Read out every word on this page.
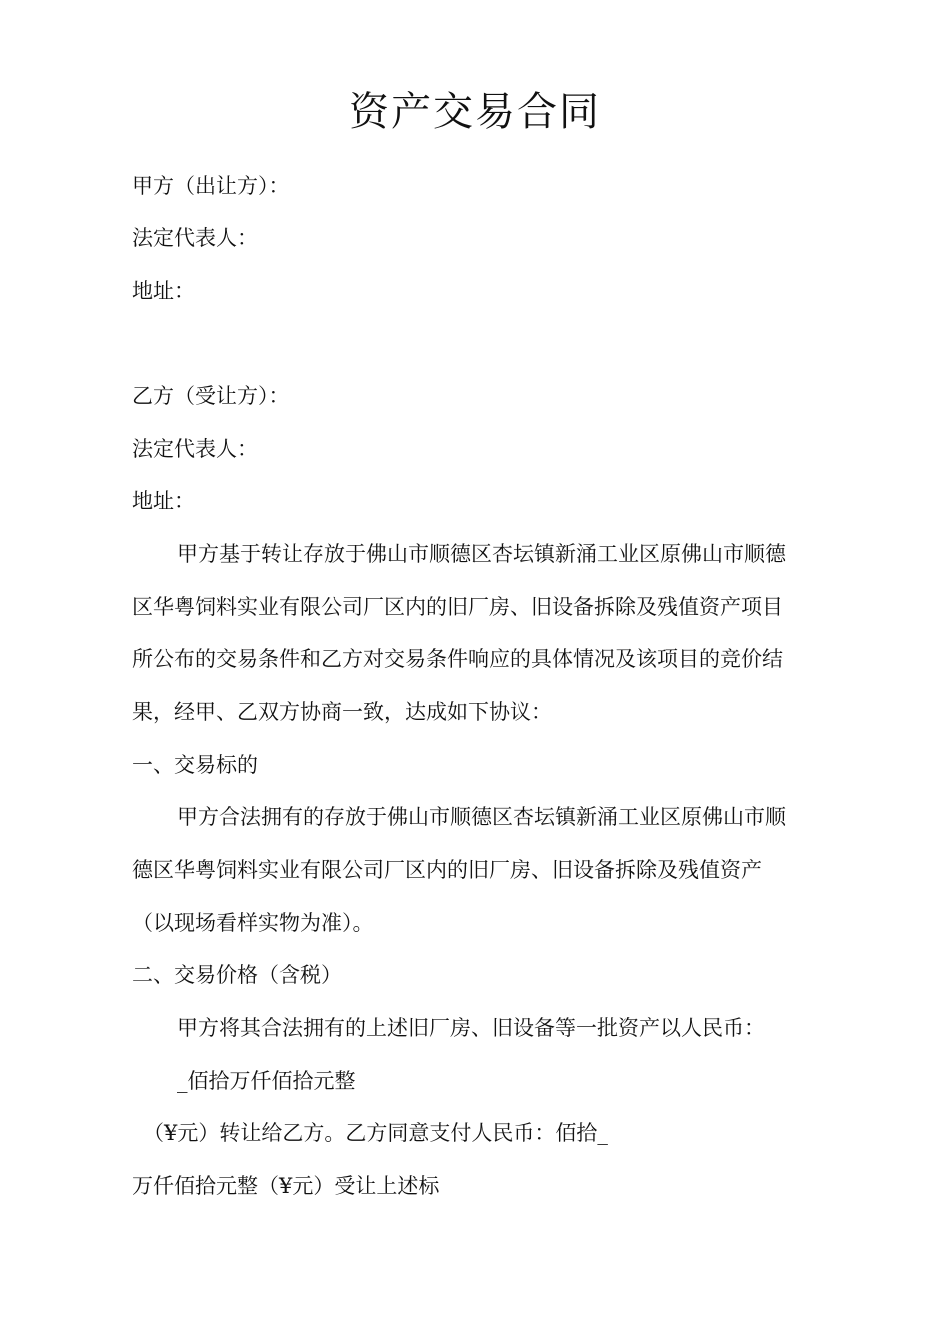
资产交易合同

甲方（出让方）：

法定代表人：

地址：

乙方（受让方）：

法定代表人：

地址：

甲方基于转让存放于佛山市顺德区杏坛镇新涌工业区原佛山市顺德

区华粤饲料实业有限公司厂区内的旧厂房、旧设备拆除及残值资产项目

所公布的交易条件和乙方对交易条件响应的具体情况及该项目的竞价结

果，经甲、乙双方协商一致，达成如下协议：

一、交易标的

甲方合法拥有的存放于佛山市顺德区杏坛镇新涌工业区原佛山市顺

德区华粤饲料实业有限公司厂区内的旧厂房、旧设备拆除及残值资产

（以现场看样实物为准）。

二、交易价格（含税）

甲方将其合法拥有的上述旧厂房、旧设备等一批资产以人民币：

_佰拾万仟佰拾元整

（¥元）转让给乙方。乙方同意支付人民币：佰拾_

万仟佰拾元整（¥元）受让上述标
